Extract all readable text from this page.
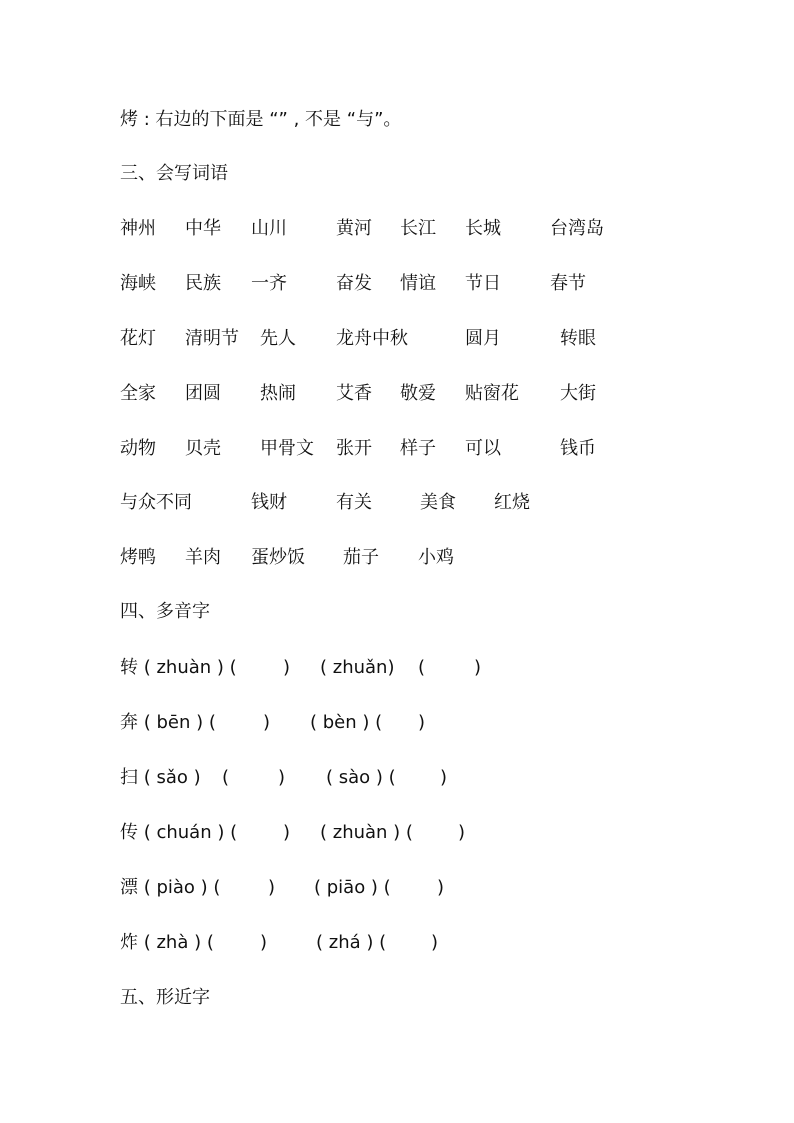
烤 : 右边的下面是 “” , 不是 “与”。
三、会写词语
神州 中华 山川	黄河 长江 长城	台湾岛
海峡 民族 一齐	奋发 情谊 节日	春节
花灯 清明节 先人 龙舟中秋	圆月	转眼
全家 团圆 热闹 艾香 敬爱 贴窗花 大街
动物 贝壳 甲骨文 张开 样子 可以	钱币
与众不同	钱财	有关	美食 红烧
烤鸭 羊肉 蛋炒饭 茄子 小鸡
四、多音字
转 ( zhuàn ) (	) ( zhuǎn) (	)
奔 ( bēn ) (	) ( bèn ) ( )
扫 ( sǎo ) (	) ( sào ) ( )
传 ( chuán ) (	) ( zhuàn ) (	)
漂 ( piào ) (	) ( piāo ) (	)
炸 ( zhà ) (	)	( zhá ) ( )
五、形近字
